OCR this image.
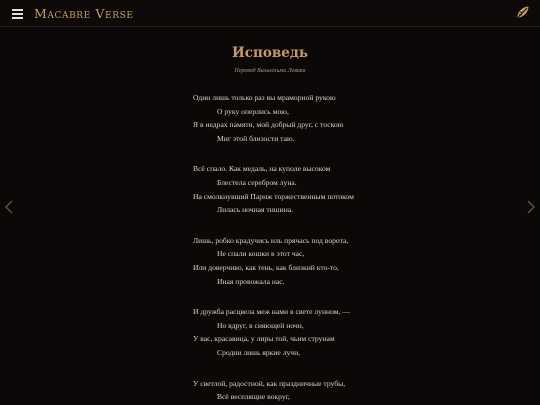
Macabre Verse
Исповедь
Перевод Вильгельма Левика
Один лишь только раз вы мраморной рукою
О руку оперлись мою,
Я в недрах памяти, мой добрый друг, с тоскою
Миг этой близости таю.
Всё спало. Как медаль, на куполе высоком
Блестела серебром луна.
На смолкнувший Париж торжественным потоком
Лилась ночная тишина.
Лишь, робко крадучись иль прячась под ворота,
Не спали кошки в этот час,
Или доверчиво, как тень, как близкий кто-то,
Иная провожала нас.
И дружба расцвела меж нами в свете лунном, —
Но вдруг, в сияющей ночи,
У вас, красавица, у лиры той, чьим струнам
Сродни лишь яркие лучи,
У светлой, радостной, как праздничные трубы,
Всё веселящие вокруг,
